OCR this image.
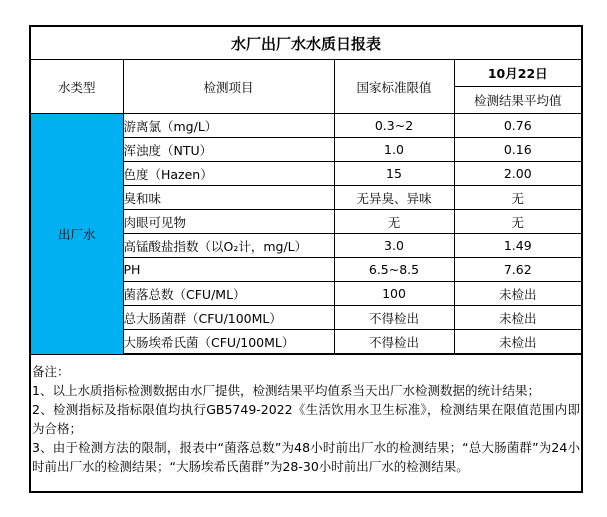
水厂出厂水水质日报表			
水类型	检测项目	国家标准限值	10月22日
			检测结果平均值
出厂水	游离氯（mg/L）	0.3~2	0.76
	浑浊度（NTU）	1.0	0.16
	色度（Hazen）	15	2.00
	臭和味	无异臭、异味	无
	肉眼可见物	无	无
	高锰酸盐指数（以O₂计，mg/L）	3.0	1.49
	PH	6.5~8.5	7.62
	菌落总数（CFU/ML）	100	未检出
	总大肠菌群（CFU/100ML）	不得检出	未检出
	大肠埃希氏菌（CFU/100ML）	不得检出	未检出
备注：
1、以上水质指标检测数据由水厂提供，检测结果平均值系当天出厂水检测数据的统计结果；
2、检测指标及指标限值均执行GB5749-2022《生活饮用水卫生标准》，检测结果在限值范围内即为合格；
3、由于检测方法的限制，报表中“菌落总数”为48小时前出厂水的检测结果；“总大肠菌群”为24小时前出厂水的检测结果；“大肠埃希氏菌群”为28-30小时前出厂水的检测结果。
